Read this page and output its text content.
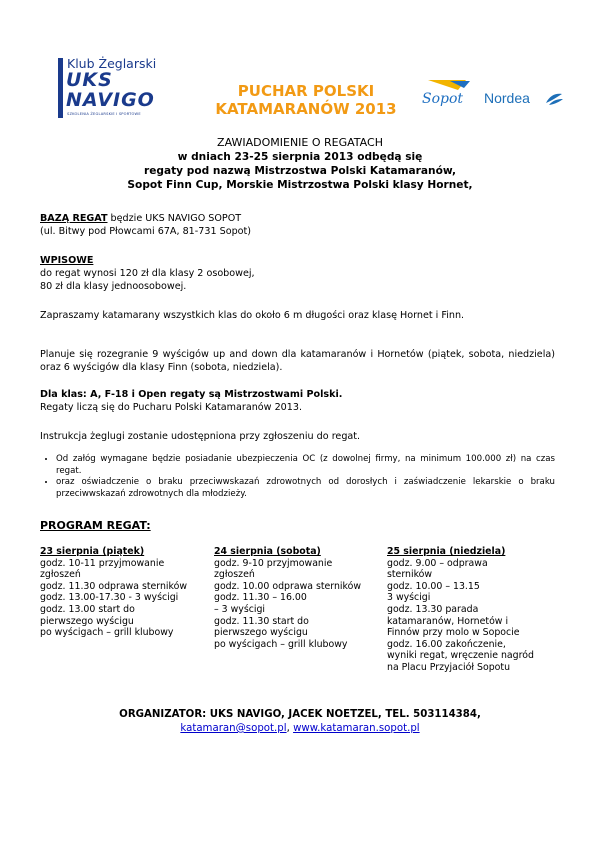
Klub Żeglarski
UKS
NAVIGO
SZKOLENIA ŻEGLARSKIE I SPORTOWE
PUCHAR POLSKI
KATAMARANÓW 2013
Sopot Nordea
ZAWIADOMIENIE O REGATACH
w dniach 23-25 sierpnia 2013 odbędą się
regaty pod nazwą Mistrzostwa Polski Katamaranów,
Sopot Finn Cup, Morskie Mistrzostwa Polski klasy Hornet,

BAZĄ REGAT będzie UKS NAVIGO SOPOT

(ul. Bitwy pod Płowcami 67A, 81-731 Sopot)

WPISOWE

do regat wynosi 120 zł dla klasy 2 osobowej,

80 zł dla klasy jednoosobowej.

Zapraszamy katamarany wszystkich klas do około 6 m długości oraz klasę Hornet i Finn.

Planuje się rozegranie 9 wyścigów up and down dla katamaranów i Hornetów (piątek, sobota, niedziela) oraz 6 wyścigów dla klasy Finn (sobota, niedziela).

Dla klas: A, F-18 i Open regaty są Mistrzostwami Polski.

Regaty liczą się do Pucharu Polski Katamaranów 2013.

Instrukcja żeglugi zostanie udostępniona przy zgłoszeniu do regat.

• Od załóg wymagane będzie posiadanie ubezpieczenia OC (z dowolnej firmy, na minimum 100.000 zł) na czas regat.
• oraz oświadczenie o braku przeciwwskazań zdrowotnych od dorosłych i zaświadczenie lekarskie o braku przeciwwskazań zdrowotnych dla młodzieży.
PROGRAM REGAT:

23 sierpnia (piątek)

godz. 10-11 przyjmowanie

zgłoszeń

godz. 11.30 odprawa sterników

godz. 13.00-17.30 - 3 wyścigi

godz. 13.00 start do

pierwszego wyścigu

po wyścigach – grill klubowy

24 sierpnia (sobota)

godz. 9-10 przyjmowanie

zgłoszeń

godz. 10.00 odprawa sterników

godz. 11.30 – 16.00

– 3 wyścigi

godz. 11.30 start do

pierwszego wyścigu

po wyścigach – grill klubowy

25 sierpnia (niedziela)

godz. 9.00 – odprawa

sterników

godz. 10.00 – 13.15

3 wyścigi

godz. 13.30 parada

katamaranów, Hornetów i

Finnów przy molo w Sopocie

godz. 16.00 zakończenie,

wyniki regat, wręczenie nagród

na Placu Przyjaciół Sopotu

ORGANIZATOR: UKS NAVIGO, JACEK NOETZEL, TEL. 503114384,
katamaran@sopot.pl, www.katamaran.sopot.pl
